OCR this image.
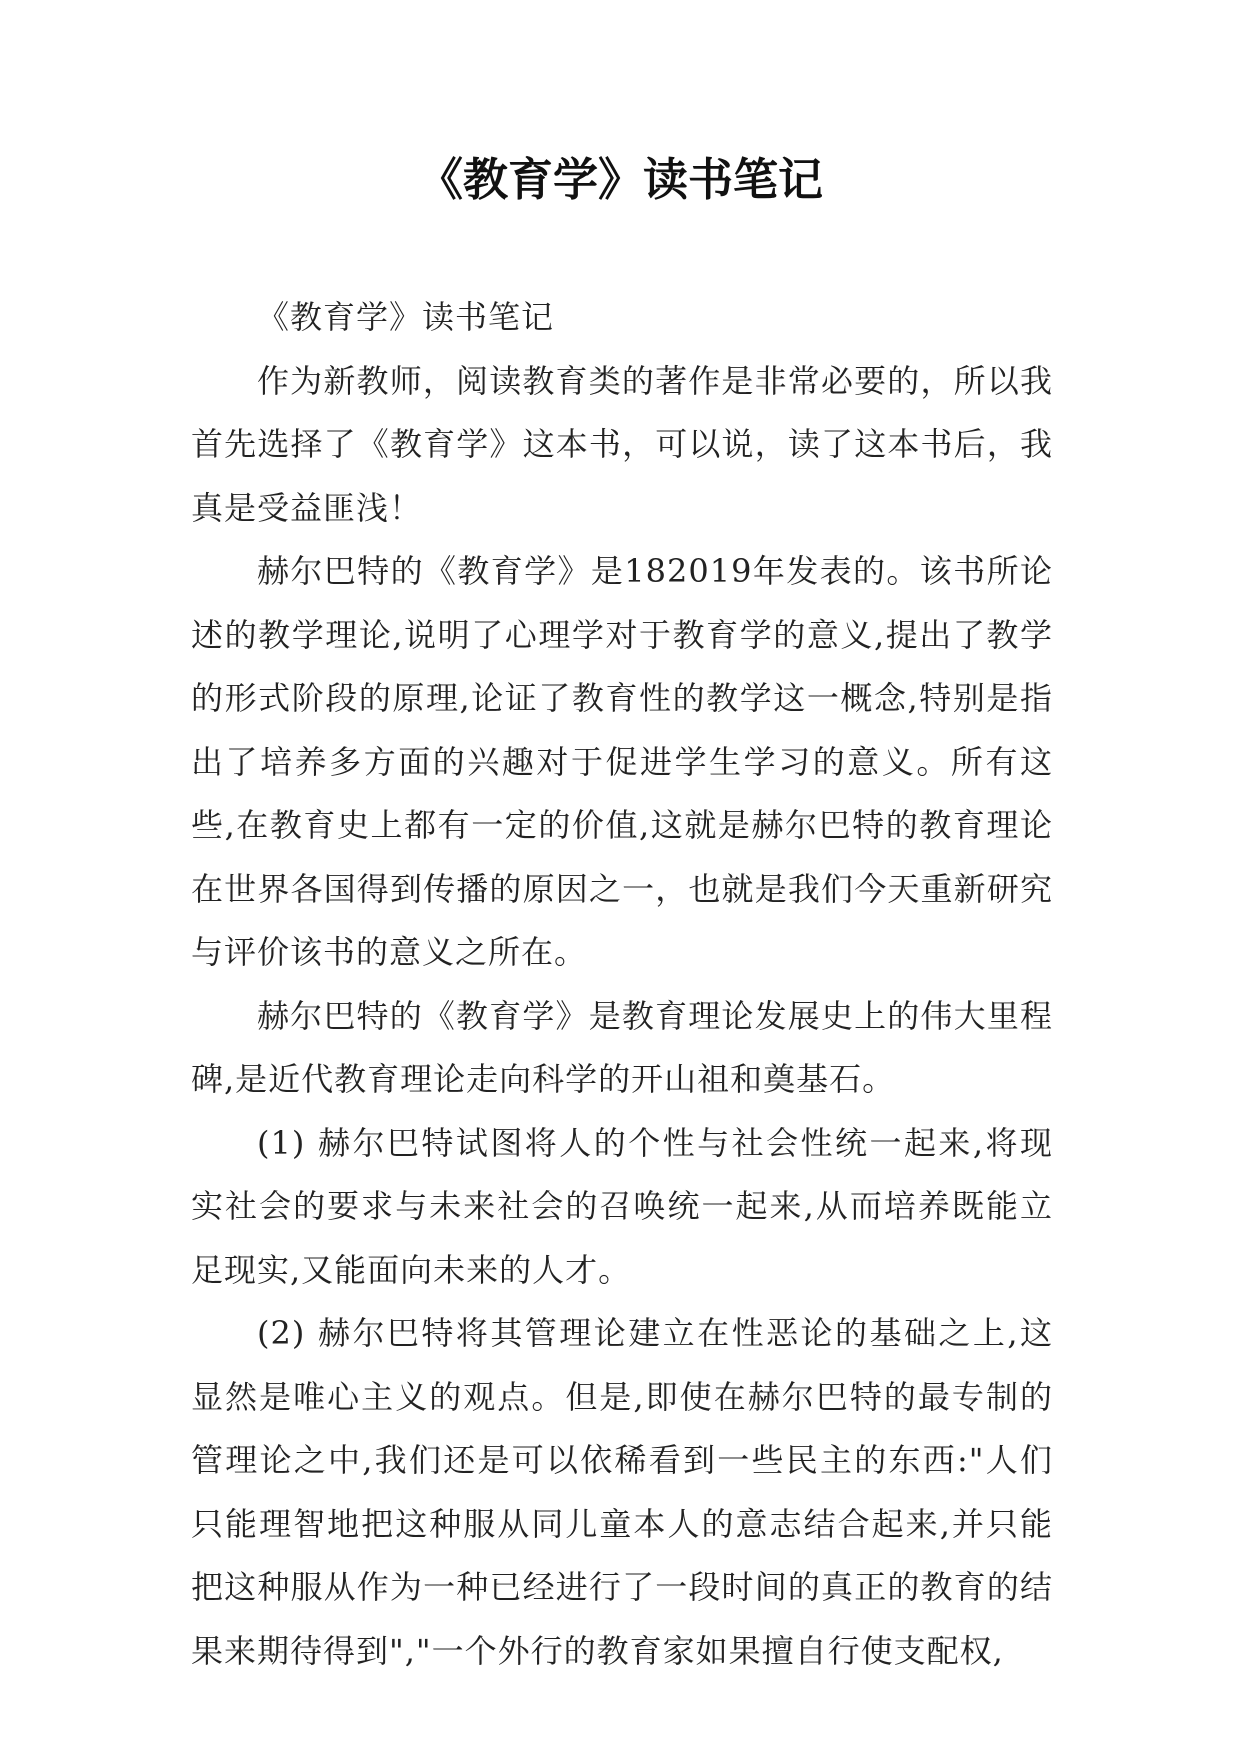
《教育学》读书笔记

《教育学》读书笔记

作为新教师，阅读教育类的著作是非常必要的，所以我首先选择了《教育学》这本书，可以说，读了这本书后，我真是受益匪浅！

赫尔巴特的《教育学》是182019年发表的。该书所论述的教学理论,说明了心理学对于教育学的意义,提出了教学的形式阶段的原理,论证了教育性的教学这一概念,特别是指出了培养多方面的兴趣对于促进学生学习的意义。所有这些,在教育史上都有一定的价值,这就是赫尔巴特的教育理论在世界各国得到传播的原因之一，也就是我们今天重新研究与评价该书的意义之所在。

赫尔巴特的《教育学》是教育理论发展史上的伟大里程碑,是近代教育理论走向科学的开山祖和奠基石。

(1) 赫尔巴特试图将人的个性与社会性统一起来,将现实社会的要求与未来社会的召唤统一起来,从而培养既能立足现实,又能面向未来的人才。

(2) 赫尔巴特将其管理论建立在性恶论的基础之上,这显然是唯心主义的观点。但是,即使在赫尔巴特的最专制的管理论之中,我们还是可以依稀看到一些民主的东西:"人们只能理智地把这种服从同儿童本人的意志结合起来,并只能把这种服从作为一种已经进行了一段时间的真正的教育的结果来期待得到","一个外行的教育家如果擅自行使支配权,
